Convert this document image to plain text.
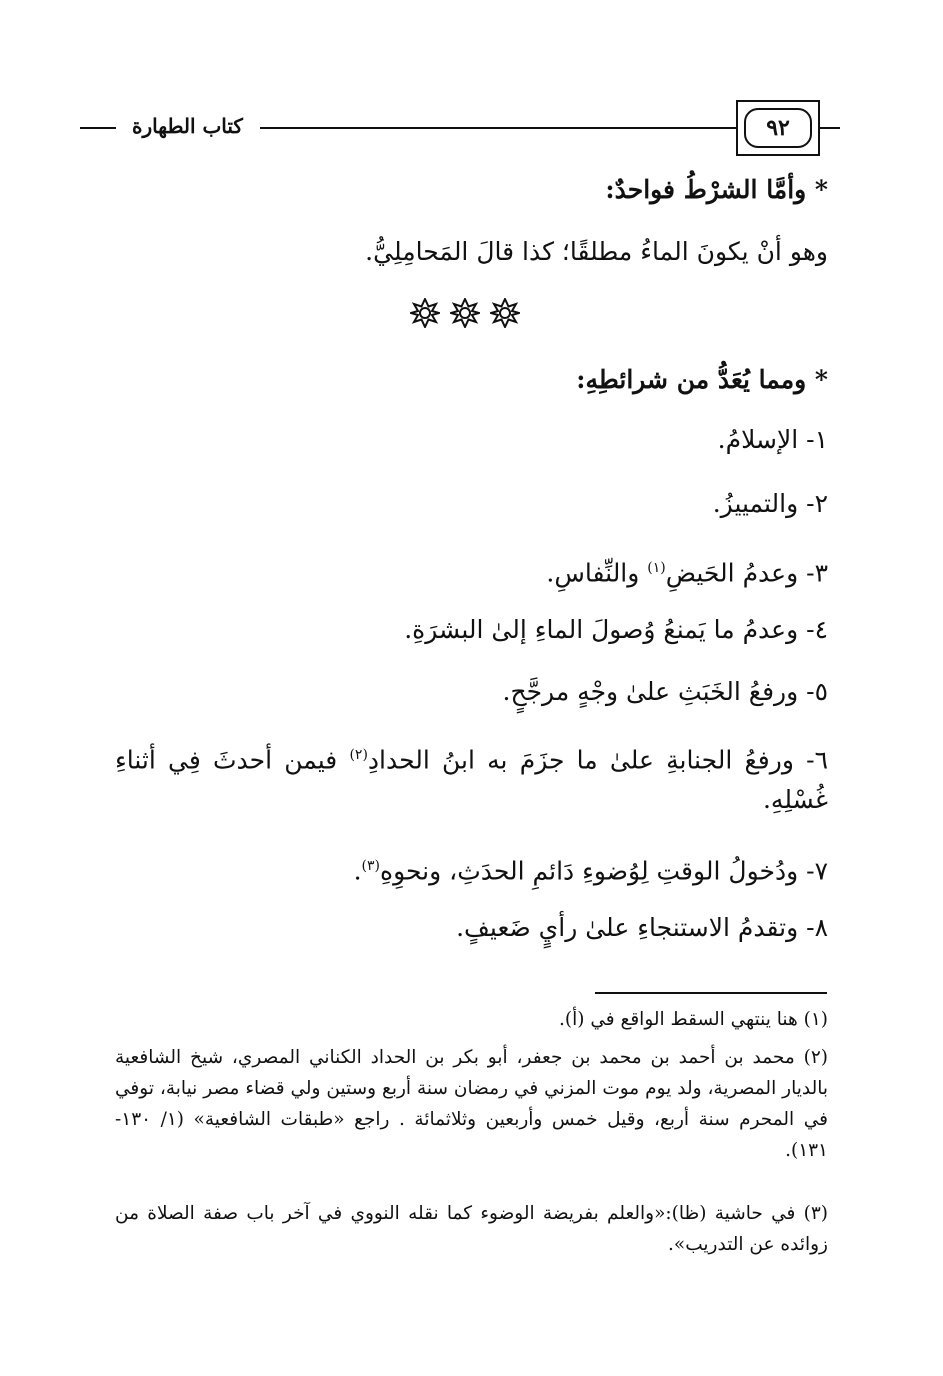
٩٢
كتاب الطهارة
* وأمَّا الشرْطُ فواحدٌ:
وهو أنْ يكونَ الماءُ مطلقًا؛ كذا قالَ المَحامِلِيُّ.
* ومما يُعَدُّ من شرائطِهِ:
١- الإسلامُ.
٢- والتمييزُ.
٣- وعدمُ الحَيضِ$^{(١)}$ والنِّفاسِ.
٤- وعدمُ ما يَمنعُ وُصولَ الماءِ إلىٰ البشرَةِ.
٥- ورفعُ الخَبَثِ علىٰ وجْهٍ مرجَّحٍ.
٦- ورفعُ الجنابةِ علىٰ ما جزَمَ به ابنُ الحدادِ$^{(٢)}$ فيمن أحدثَ فِي أثناءِ غُسْلِهِ.
٧- ودُخولُ الوقتِ لِوُضوءِ دَائمِ الحدَثِ، ونحوِهِ$^{(٣)}$.
٨- وتقدمُ الاستنجاءِ علىٰ رأيٍ ضَعيفٍ.
(١) هنا ينتهي السقط الواقع في (أ).
(٢) محمد بن أحمد بن محمد بن جعفر، أبو بكر بن الحداد الكناني المصري، شيخ الشافعية بالديار المصرية، ولد يوم موت المزني في رمضان سنة أربع وستين ولي قضاء مصر نيابة، توفي في المحرم سنة أربع، وقيل خمس وأربعين وثلاثمائة . راجع «طبقات الشافعية» (١/ ١٣٠- ١٣١).
(٣) في حاشية (ظا):«والعلم بفريضة الوضوء كما نقله النووي في آخر باب صفة الصلاة من زوائده عن التدريب».
